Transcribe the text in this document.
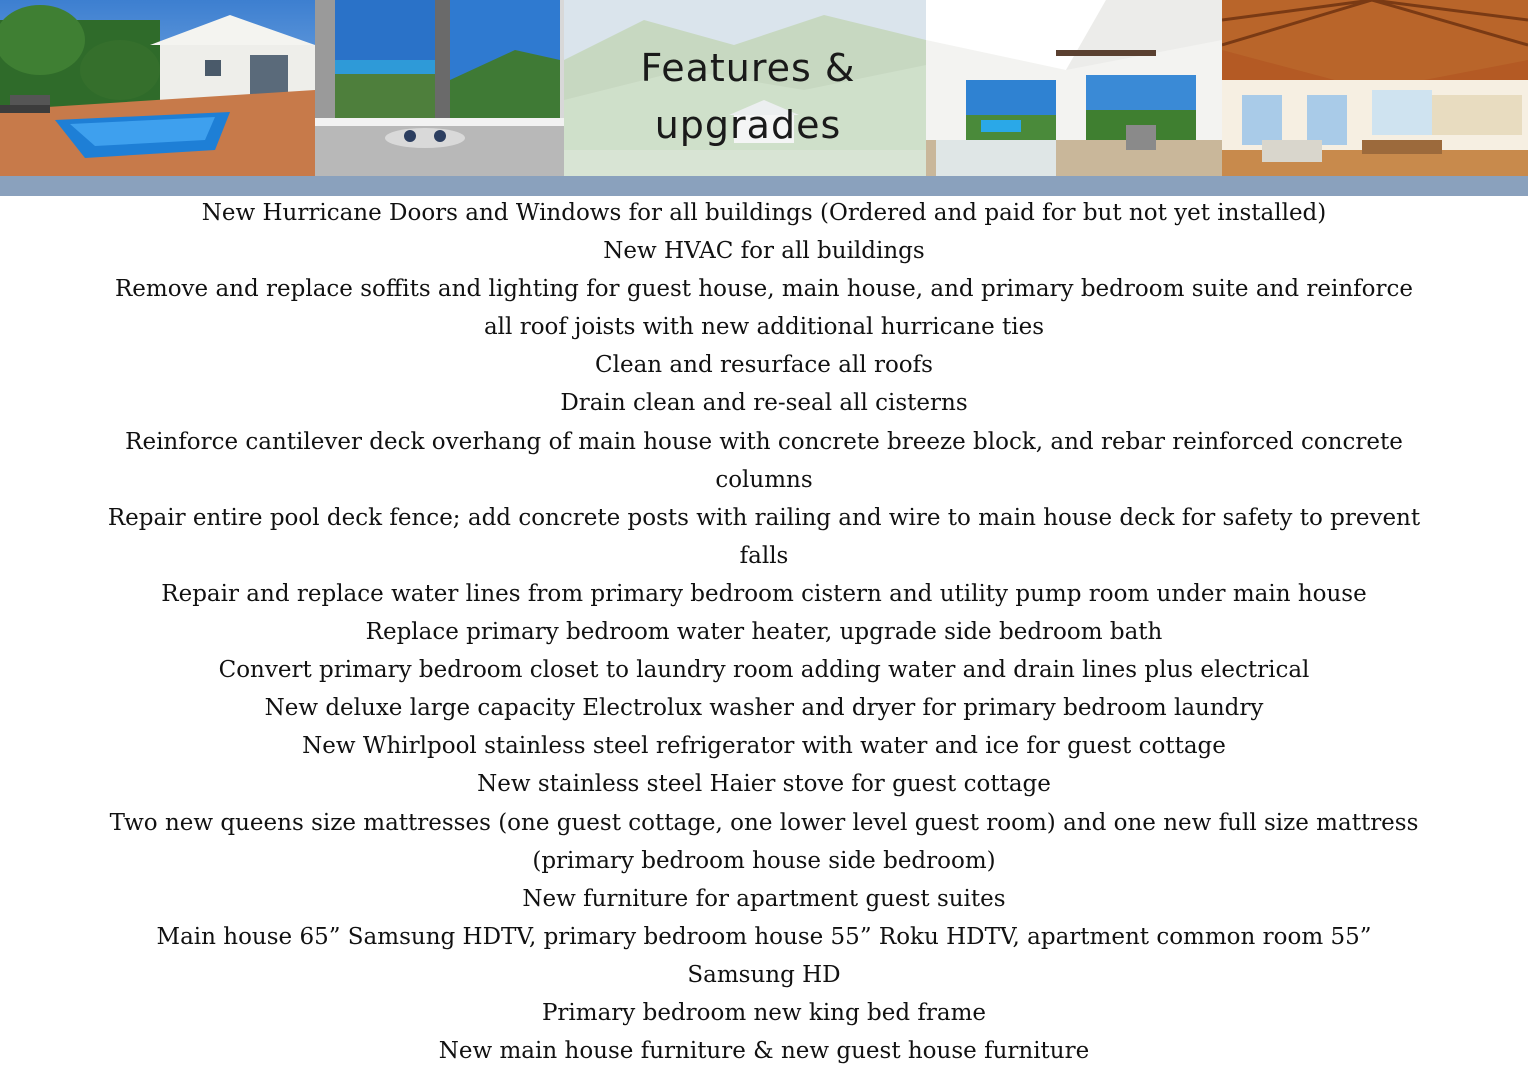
Features &
upgrades
New Hurricane Doors and Windows for all buildings (Ordered and paid for but not yet installed)
New HVAC for all buildings
Remove and replace soffits and lighting for guest house, main house, and primary bedroom suite and reinforce all roof joists with new additional hurricane ties
Clean and resurface all roofs
Drain clean and re-seal all cisterns
Reinforce cantilever deck overhang of main house with concrete breeze block, and rebar reinforced concrete columns
Repair entire pool deck fence; add concrete posts with railing and wire to main house deck for safety to prevent falls
Repair and replace water lines from primary bedroom cistern and utility pump room under main house
Replace primary bedroom water heater, upgrade side bedroom bath
Convert primary bedroom closet to laundry room adding water and drain lines plus electrical
New deluxe large capacity Electrolux washer and dryer for primary bedroom laundry
New Whirlpool stainless steel refrigerator with water and ice for guest cottage
New stainless steel Haier stove for guest cottage
Two new queens size mattresses (one guest cottage, one lower level guest room) and one new full size mattress (primary bedroom house side bedroom)
New furniture for apartment guest suites
Main house 65” Samsung HDTV, primary bedroom house 55” Roku HDTV, apartment common room 55” Samsung HD
Primary bedroom new king bed frame
New main house furniture & new guest house furniture
